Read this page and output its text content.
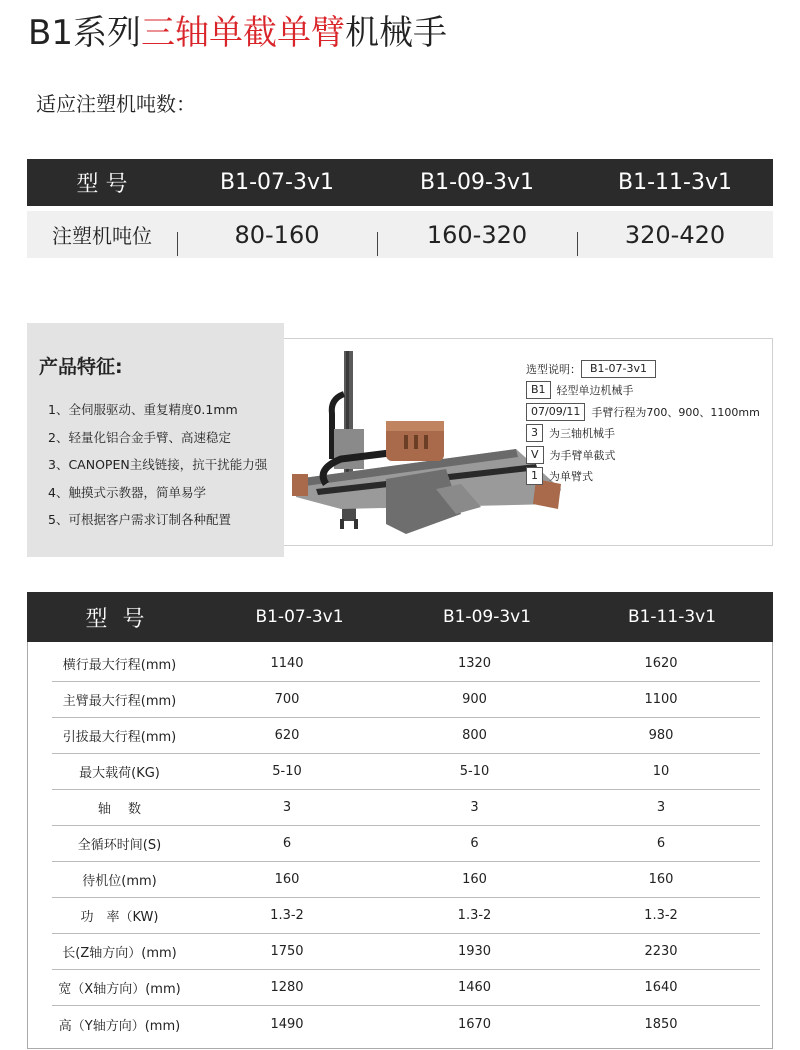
B1系列三轴单截单臂机械手
适应注塑机吨数：
型 号	B1-07-3v1	B1-09-3v1	B1-11-3v1
注塑机吨位	80-160	160-320	320-420
产品特征:
1、全伺服驱动、重复精度0.1mm
2、轻量化铝合金手臂、高速稳定
3、CANOPEN主线链接，抗干扰能力强
4、触摸式示教器，简单易学
5、可根据客户需求订制各种配置
选型说明： B1-07-3v1
B1	轻型单边机械手
07/09/11	手臂行程为700、900、1100mm
3	为三轴机械手
V	为手臂单截式
1	为单臂式
型 号	B1-07-3v1	B1-09-3v1	B1-11-3v1
横行最大行程(mm)	1140	1320	1620
主臂最大行程(mm)	700	900	1100
引拔最大行程(mm)	620	800	980
最大载荷(KG)	5-10	5-10	10
轴　 数	3	3	3
全循环时间(S)	6	6	6
待机位(mm)	160	160	160
功　率（KW)	1.3-2	1.3-2	1.3-2
长(Z轴方向）(mm)	1750	1930	2230
宽（X轴方向）(mm)	1280	1460	1640
高（Y轴方向）(mm)	1490	1670	1850
